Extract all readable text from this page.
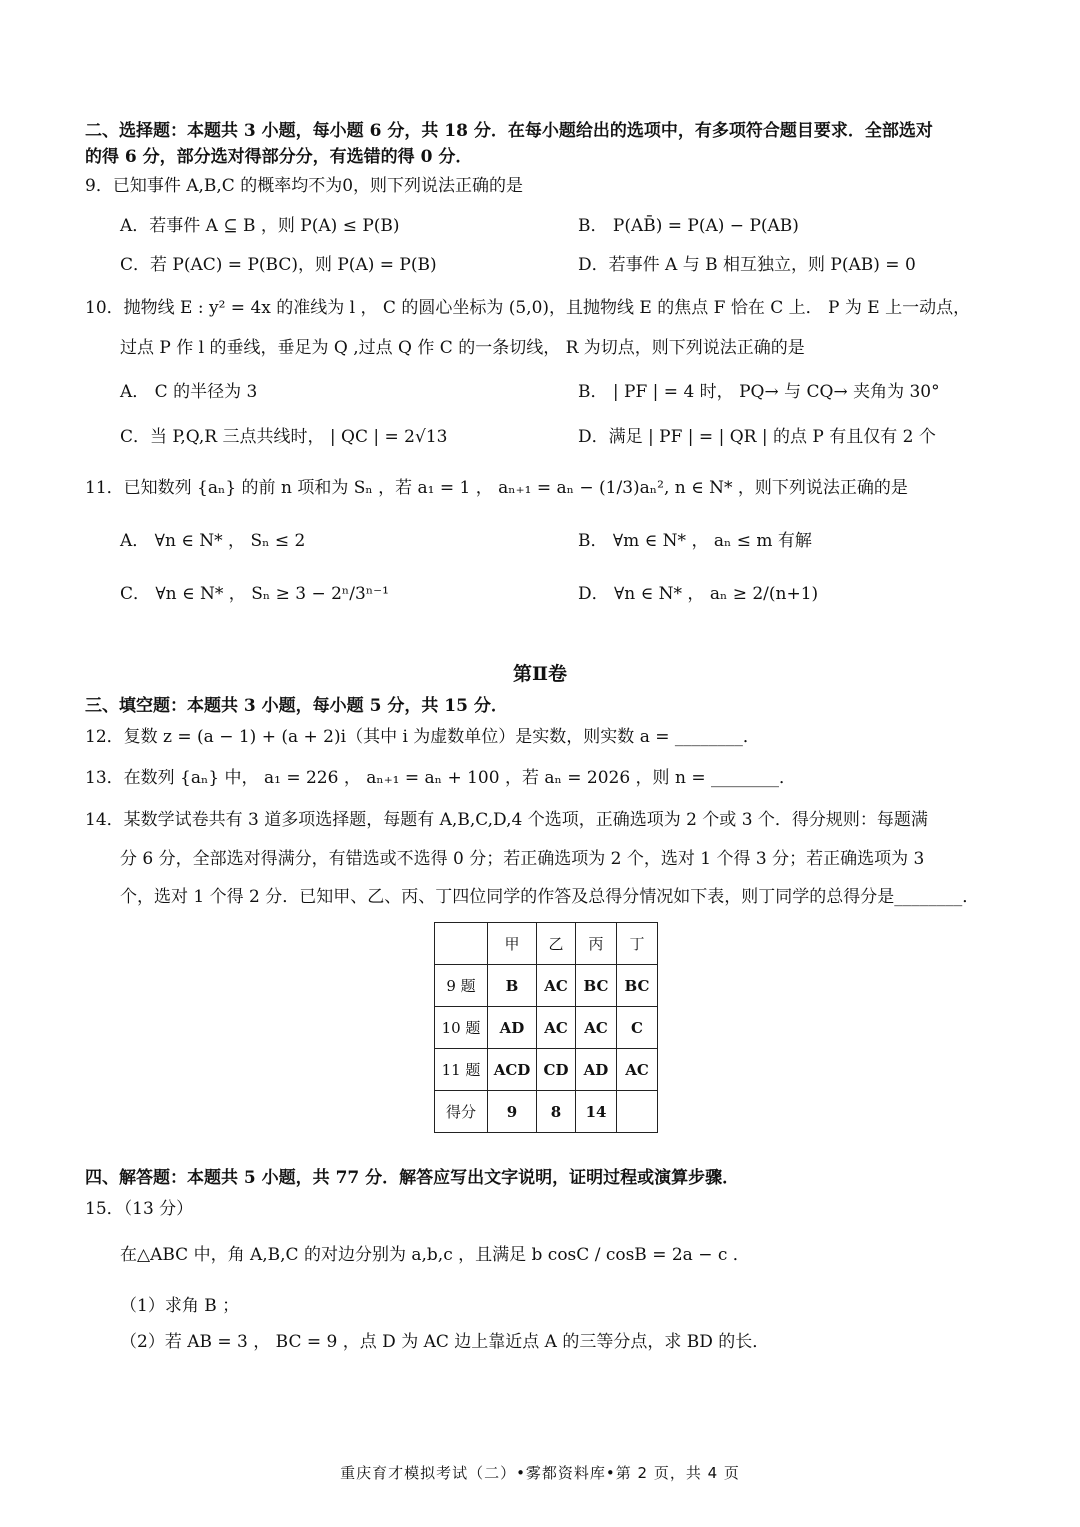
二、选择题：本题共 3 小题，每小题 6 分，共 18 分．在每小题给出的选项中，有多项符合题目要求．全部选对
的得 6 分，部分选对得部分分，有选错的得 0 分．
9．已知事件 A,B,C 的概率均不为0，则下列说法正确的是
A．若事件 A ⊆ B ，则 P(A) ≤ P(B)	B． P(AB̄) = P(A) − P(AB)
C．若 P(AC) = P(BC)，则 P(A) = P(B)	D．若事件 A 与 B 相互独立，则 P(AB) = 0
10．抛物线 E : y² = 4x 的准线为 l ， C 的圆心坐标为 (5,0)，且抛物线 E 的焦点 F 恰在 C 上． P 为 E 上一动点，
过点 P 作 l 的垂线，垂足为 Q ,过点 Q 作 C 的一条切线， R 为切点，则下列说法正确的是
A． C 的半径为 3	B． | PF | = 4 时， PQ→ 与 CQ→ 夹角为 30°
C．当 P,Q,R 三点共线时， | QC | = 2√13	D．满足 | PF | = | QR | 的点 P 有且仅有 2 个
11．已知数列 {aₙ} 的前 n 项和为 Sₙ ，若 a₁ = 1 ， aₙ₊₁ = aₙ − (1/3)aₙ², n ∈ N* ，则下列说法正确的是
A． ∀n ∈ N* ， Sₙ ≤ 2	B． ∀m ∈ N* ， aₙ ≤ m 有解
C． ∀n ∈ N* ， Sₙ ≥ 3 − 2ⁿ/3ⁿ⁻¹	D． ∀n ∈ N* ， aₙ ≥ 2/(n+1)
第Ⅱ卷
三、填空题：本题共 3 小题，每小题 5 分，共 15 分．
12．复数 z = (a − 1) + (a + 2)i（其中 i 为虚数单位）是实数，则实数 a = ________．
13．在数列 {aₙ} 中， a₁ = 226 ， aₙ₊₁ = aₙ + 100 ，若 aₙ = 2026 ，则 n = ________．
14．某数学试卷共有 3 道多项选择题，每题有 A,B,C,D,4 个选项，正确选项为 2 个或 3 个．得分规则：每题满
分 6 分，全部选对得满分，有错选或不选得 0 分；若正确选项为 2 个，选对 1 个得 3 分；若正确选项为 3
个，选对 1 个得 2 分．已知甲、乙、丙、丁四位同学的作答及总得分情况如下表，则丁同学的总得分是________．
	甲	乙	丙	丁
9 题	B	AC	BC	BC
10 题	AD	AC	AC	C
11 题	ACD	CD	AD	AC
得分	9	8	14	
四、解答题：本题共 5 小题，共 77 分．解答应写出文字说明，证明过程或演算步骤．
15．（13 分）
在△ABC 中，角 A,B,C 的对边分别为 a,b,c ，且满足 b cosC / cosB = 2a − c ．
（1）求角 B ；
（2）若 AB = 3 ， BC = 9 ，点 D 为 AC 边上靠近点 A 的三等分点，求 BD 的长．
重庆育才模拟考试（二）•雾都资料库•第 2 页，共 4 页
